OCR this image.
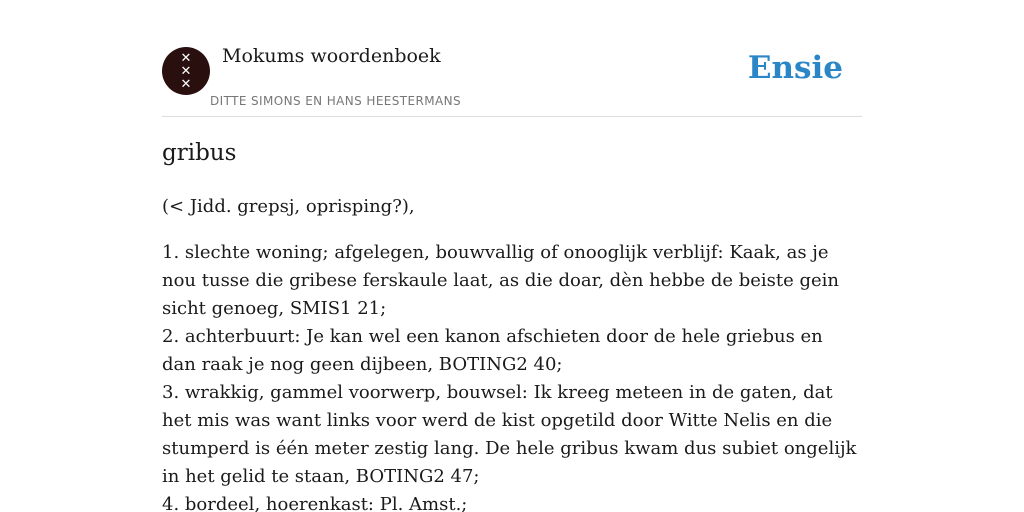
✕
✕
✕
Mokums woordenboek
DITTE SIMONS EN HANS HEESTERMANS
Ensie
gribus

(< Jidd. grepsj, oprisping?),

1. slechte woning; afgelegen, bouwvallig of onooglijk verblijf: Kaak, as je nou tusse die gribese ferskaule laat, as die doar, dèn hebbe de beiste gein sicht genoeg, SMIS1 21;

2. achterbuurt: Je kan wel een kanon afschieten door de hele griebus en dan raak je nog geen dijbeen, BOTING2 40;

3. wrakkig, gammel voorwerp, bouwsel: Ik kreeg meteen in de gaten, dat het mis was want links voor werd de kist opgetild door Witte Nelis en die stumperd is één meter zestig lang. De hele gribus kwam dus subiet ongelijk in het gelid te staan, BOTING2 47;

4. bordeel, hoerenkast: Pl. Amst.;
